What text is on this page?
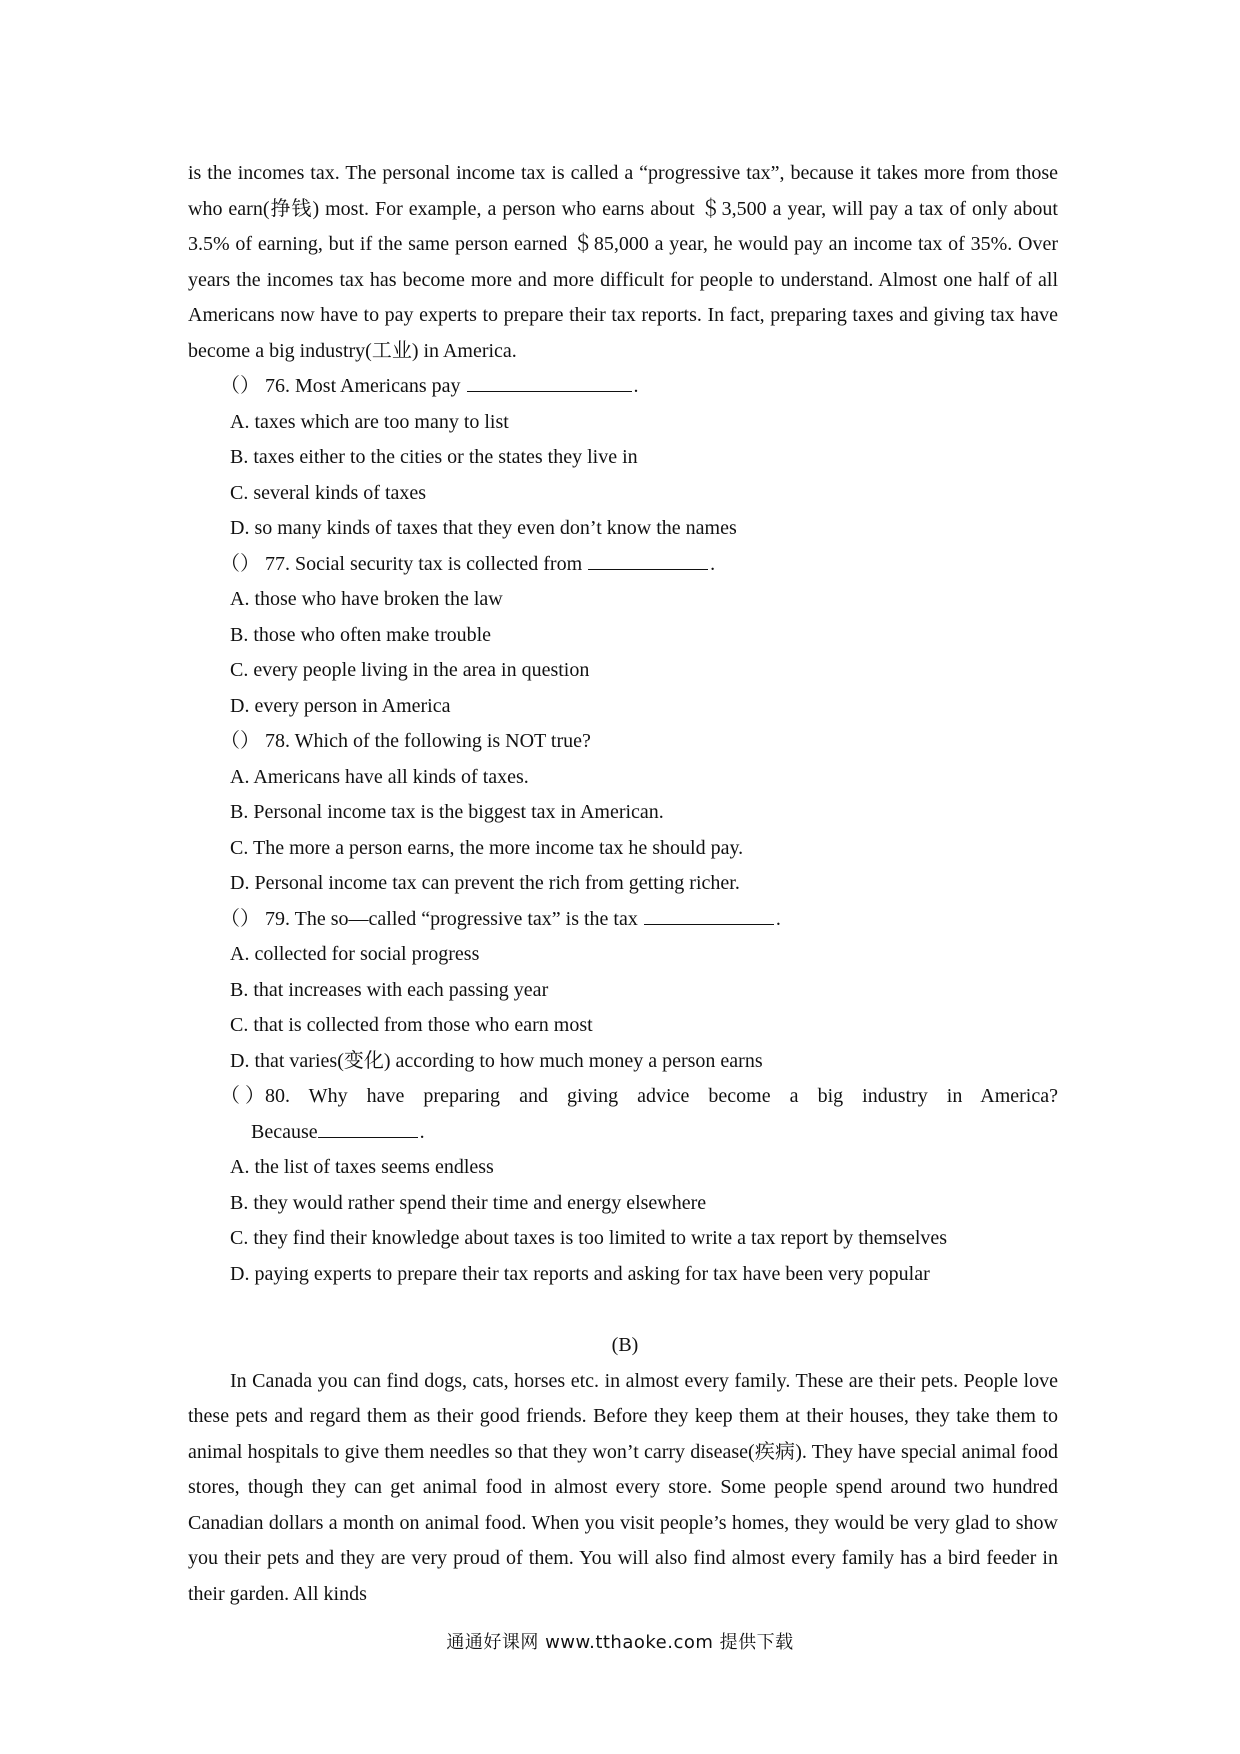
is the incomes tax. The personal income tax is called a “progressive tax”, because it takes more from those who earn(挣钱) most. For example, a person who earns about ＄3,500 a year, will pay a tax of only about 3.5% of earning, but if the same person earned ＄85,000 a year, he would pay an income tax of 35%. Over years the incomes tax has become more and more difficult for people to understand. Almost one half of all Americans now have to pay experts to prepare their tax reports. In fact, preparing taxes and giving tax have become a big industry(工业) in America.

（） 76. Most Americans pay	.

A. taxes which are too many to list

B. taxes either to the cities or the states they live in

C. several kinds of taxes

D. so many kinds of taxes that they even don’t know the names

（） 77. Social security tax is collected from	.

A. those who have broken the law

B. those who often make trouble

C. every people living in the area in question

D. every person in America

（） 78. Which of the following is NOT true?

A. Americans have all kinds of taxes.

B. Personal income tax is the biggest tax in American.

C. The more a person earns, the more income tax he should pay.

D. Personal income tax can prevent the rich from getting richer.

（） 79. The so—called “progressive tax” is the tax	.

A. collected for social progress

B. that increases with each passing year

C. that is collected from those who earn most

D. that varies(变化) according to how much money a person earns

（）80. Why have preparing and giving advice become a big industry in America?

Because	.

A. the list of taxes seems endless

B. they would rather spend their time and energy elsewhere

C. they find their knowledge about taxes is too limited to write a tax report by themselves

D. paying experts to prepare their tax reports and asking for tax have been very popular

(B)

In Canada you can find dogs, cats, horses etc. in almost every family. These are their pets. People love these pets and regard them as their good friends. Before they keep them at their houses, they take them to animal hospitals to give them needles so that they won’t carry disease(疾病). They have special animal food stores, though they can get animal food in almost every store. Some people spend around two hundred Canadian dollars a month on animal food. When you visit people’s homes, they would be very glad to show you their pets and they are very proud of them. You will also find almost every family has a bird feeder in their garden. All kinds

通通好课网 www.tthaoke.com 提供下载
